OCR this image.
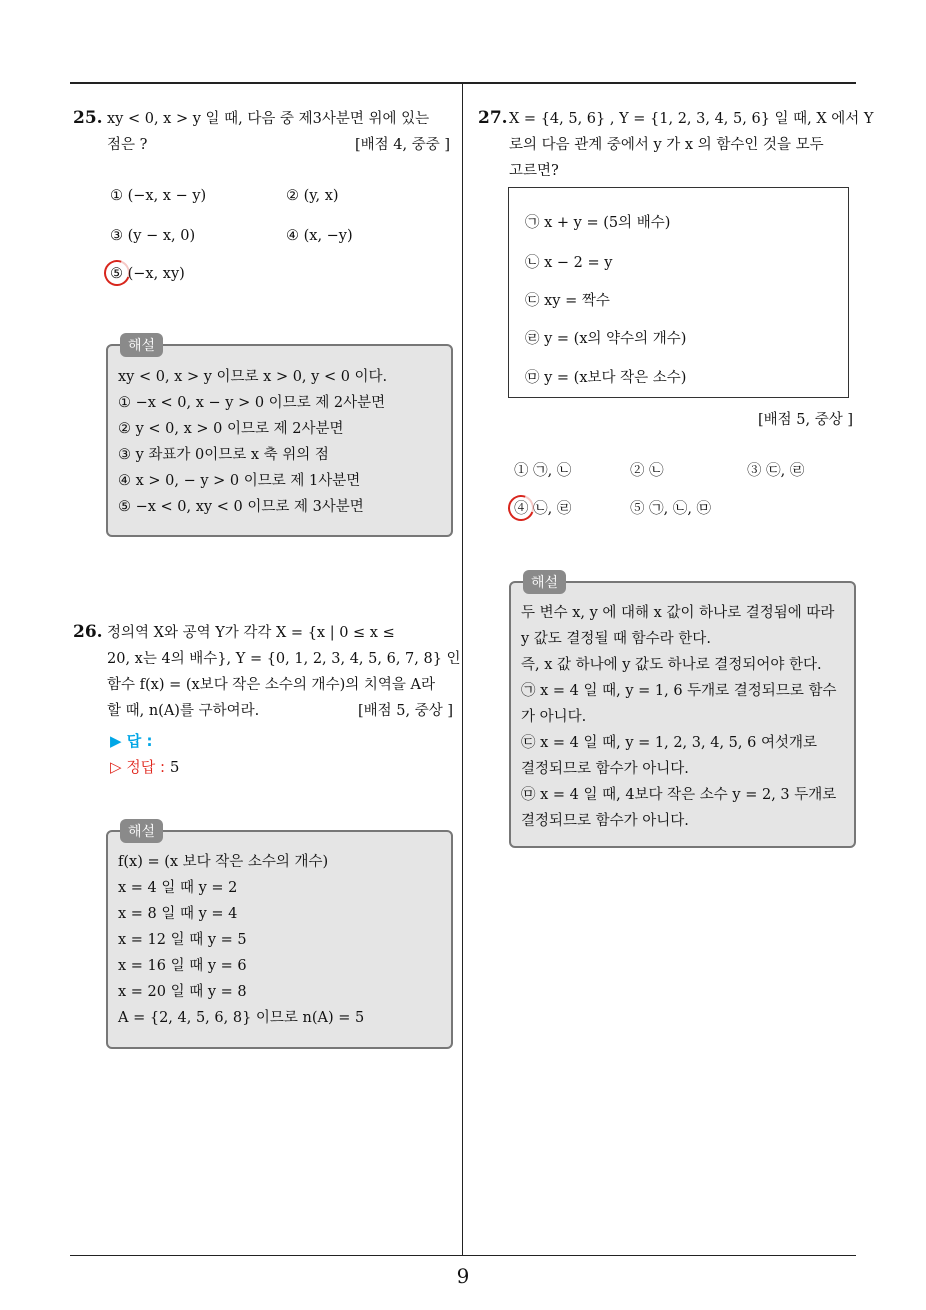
9
25. xy < 0, x > y 일 때, 다음 중 제3사분면 위에 있는
점은 ?	[배점 4, 중중 ]
① (−x, x − y)	② (y, x)
③ (y − x, 0)	④ (x, −y)
⑤ (−x, xy)
해설
xy < 0, x > y 이므로 x > 0, y < 0 이다.
① −x < 0, x − y > 0 이므로 제 2사분면
② y < 0, x > 0 이므로 제 2사분면
③ y 좌표가 0이므로 x 축 위의 점
④ x > 0, − y > 0 이므로 제 1사분면
⑤ −x < 0, xy < 0 이므로 제 3사분면
26. 정의역 X와 공역 Y가 각각 X = {x | 0 ≤ x ≤
20, x는 4의 배수}, Y = {0, 1, 2, 3, 4, 5, 6, 7, 8} 인
함수 f(x) = (x보다 작은 소수의 개수)의 치역을 A라
할 때, n(A)를 구하여라.	[배점 5, 중상 ]
▶ 답 :
▷ 정답 : 5
해설
f(x) = (x 보다 작은 소수의 개수)
x = 4 일 때 y = 2
x = 8 일 때 y = 4
x = 12 일 때 y = 5
x = 16 일 때 y = 6
x = 20 일 때 y = 8
A = {2, 4, 5, 6, 8} 이므로 n(A) = 5
27. X = {4, 5, 6} , Y = {1, 2, 3, 4, 5, 6} 일 때, X 에서 Y
로의 다음 관계 중에서 y 가 x 의 함수인 것을 모두
고르면?
㉠ x + y = (5의 배수)
㉡ x − 2 = y
㉢ xy = 짝수
㉣ y = (x의 약수의 개수)
㉤ y = (x보다 작은 소수)
[배점 5, 중상 ]
① ㉠, ㉡	② ㉡	③ ㉢, ㉣
④ ㉡, ㉣	⑤ ㉠, ㉡, ㉤
해설
두 변수 x, y 에 대해 x 값이 하나로 결정됨에 따라
y 값도 결정될 때 함수라 한다.
즉, x 값 하나에 y 값도 하나로 결정되어야 한다.
㉠ x = 4 일 때, y = 1, 6 두개로 결정되므로 함수
가 아니다.
㉢ x = 4 일 때, y = 1, 2, 3, 4, 5, 6 여섯개로
결정되므로 함수가 아니다.
㉤ x = 4 일 때, 4보다 작은 소수 y = 2, 3 두개로
결정되므로 함수가 아니다.
